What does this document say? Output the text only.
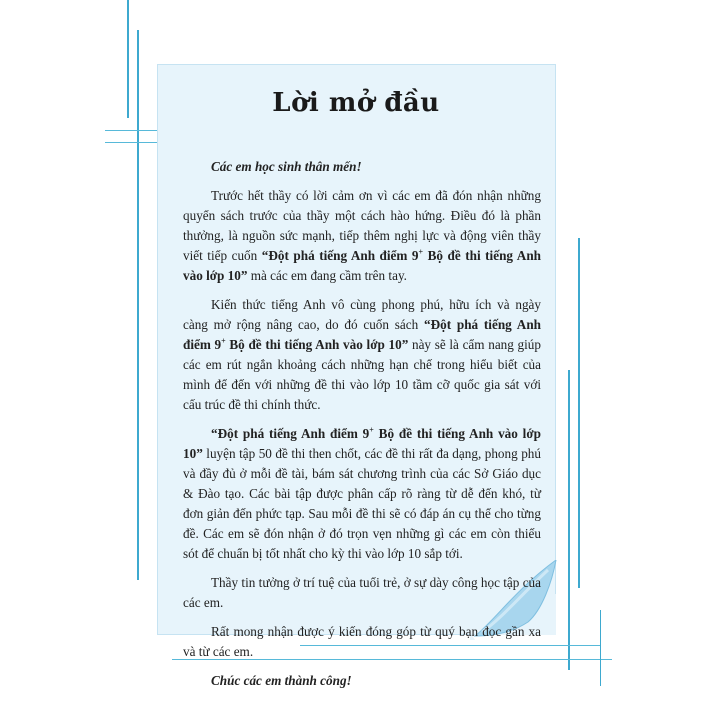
Lời mở đầu

Các em học sinh thân mến!

Trước hết thầy có lời cảm ơn vì các em đã đón nhận những quyển sách trước của thầy một cách hào hứng. Điều đó là phần thưởng, là nguồn sức mạnh, tiếp thêm nghị lực và động viên thầy viết tiếp cuốn “Đột phá tiếng Anh điểm 9+ Bộ đề thi tiếng Anh vào lớp 10” mà các em đang cầm trên tay.

Kiến thức tiếng Anh vô cùng phong phú, hữu ích và ngày càng mở rộng nâng cao, do đó cuốn sách “Đột phá tiếng Anh điểm 9+ Bộ đề thi tiếng Anh vào lớp 10” này sẽ là cẩm nang giúp các em rút ngắn khoảng cách những hạn chế trong hiểu biết của mình để đến với những đề thi vào lớp 10 tầm cỡ quốc gia sát với cấu trúc đề thi chính thức.

“Đột phá tiếng Anh điểm 9+ Bộ đề thi tiếng Anh vào lớp 10” luyện tập 50 đề thi then chốt, các đề thi rất đa dạng, phong phú và đầy đủ ở mỗi đề tài, bám sát chương trình của các Sở Giáo dục & Đào tạo. Các bài tập được phân cấp rõ ràng từ dễ đến khó, từ đơn giản đến phức tạp. Sau mỗi đề thi sẽ có đáp án cụ thể cho từng đề. Các em sẽ đón nhận ở đó trọn vẹn những gì các em còn thiếu sót để chuẩn bị tốt nhất cho kỳ thi vào lớp 10 sắp tới.

Thầy tin tưởng ở trí tuệ của tuổi trẻ, ở sự dày công học tập của các em.

Rất mong nhận được ý kiến đóng góp từ quý bạn đọc gần xa và từ các em.

Chúc các em thành công!
